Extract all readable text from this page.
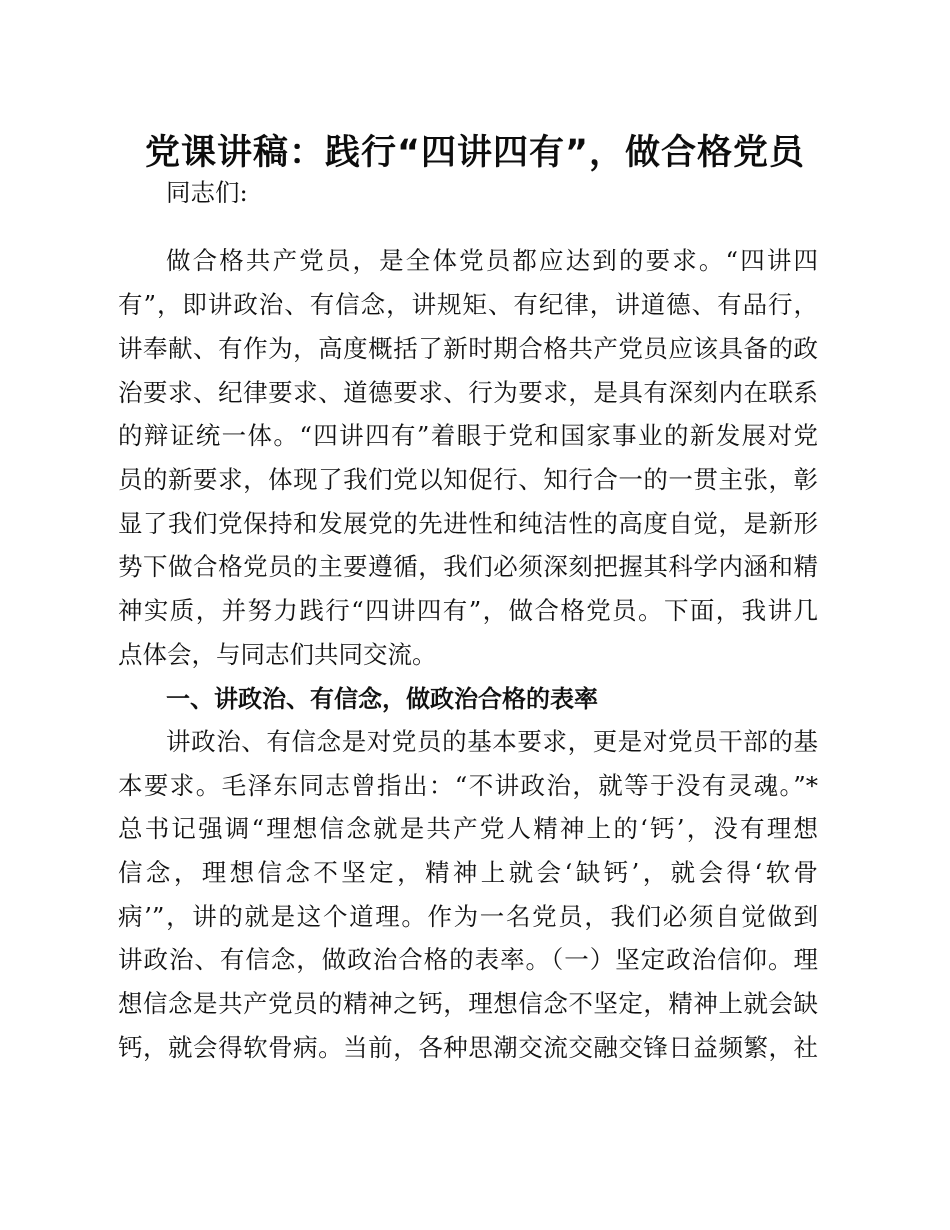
党课讲稿：践行“四讲四有”，做合格党员
同志们:
做合格共产党员，是全体党员都应达到的要求。“四讲四
有”，即讲政治、有信念，讲规矩、有纪律，讲道德、有品行，
讲奉献、有作为，高度概括了新时期合格共产党员应该具备的政
治要求、纪律要求、道德要求、行为要求，是具有深刻内在联系
的辩证统一体。“四讲四有”着眼于党和国家事业的新发展对党
员的新要求，体现了我们党以知促行、知行合一的一贯主张，彰
显了我们党保持和发展党的先进性和纯洁性的高度自觉，是新形
势下做合格党员的主要遵循，我们必须深刻把握其科学内涵和精
神实质，并努力践行“四讲四有”，做合格党员。下面，我讲几
点体会，与同志们共同交流。
一、讲政治、有信念，做政治合格的表率
讲政治、有信念是对党员的基本要求，更是对党员干部的基
本要求。毛泽东同志曾指出：“不讲政治，就等于没有灵魂。”*
总书记强调“理想信念就是共产党人精神上的‘钙’，没有理想
信念，理想信念不坚定，精神上就会‘缺钙’，就会得‘软骨
病’”，讲的就是这个道理。作为一名党员，我们必须自觉做到
讲政治、有信念，做政治合格的表率。（一）坚定政治信仰。理
想信念是共产党员的精神之钙，理想信念不坚定，精神上就会缺
钙，就会得软骨病。当前，各种思潮交流交融交锋日益频繁，社
